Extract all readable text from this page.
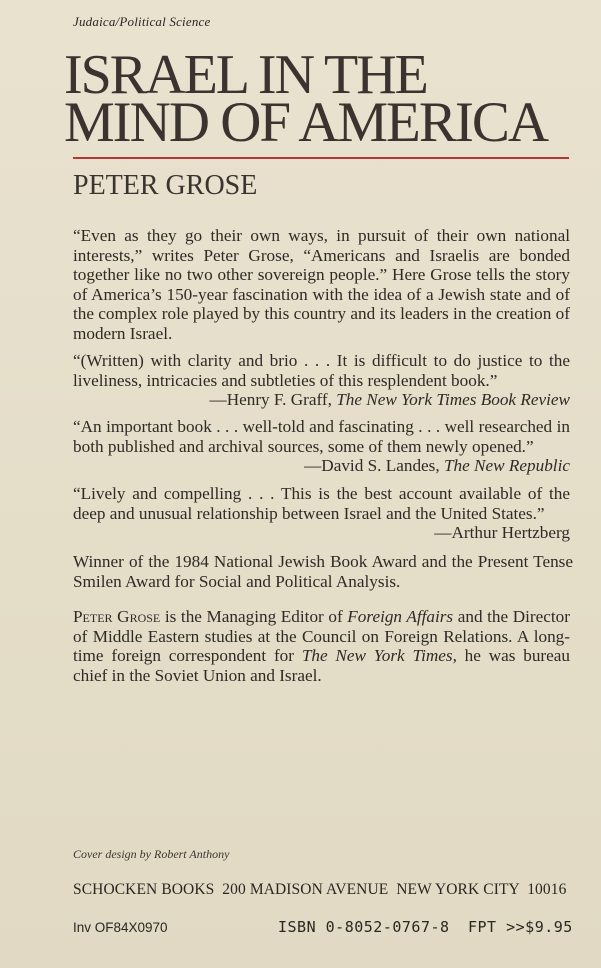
Judaica/Political Science
ISRAEL IN THE
MIND OF AMERICA
PETER GROSE
“Even as they go their own ways, in pursuit of their own national interests,” writes Peter Grose, “Americans and Israelis are bonded together like no two other sovereign people.” Here Grose tells the story of America’s 150-year fascination with the idea of a Jewish state and of the complex role played by this country and its leaders in the creation of modern Israel.
“(Written) with clarity and brio . . . It is difficult to do justice to the liveliness, intricacies and subtleties of this resplendent book.”
—Henry F. Graff, The New York Times Book Review
“An important book . . . well-told and fascinating . . . well researched in both published and archival sources, some of them newly opened.”
—David S. Landes, The New Republic
“Lively and compelling . . . This is the best account available of the deep and unusual relationship between Israel and the United States.”
—Arthur Hertzberg
Winner of the 1984 National Jewish Book Award and the Present Tense Smilen Award for Social and Political Analysis.
Peter Grose is the Managing Editor of Foreign Affairs and the Director of Middle Eastern studies at the Council on Foreign Relations. A long-time foreign correspondent for The New York Times, he was bureau chief in the Soviet Union and Israel.
Cover design by Robert Anthony
SCHOCKEN BOOKS  200 MADISON AVENUE  NEW YORK CITY  10016
Inv OF84X0970	ISBN 0-8052-0767-8 FPT >>$9.95
